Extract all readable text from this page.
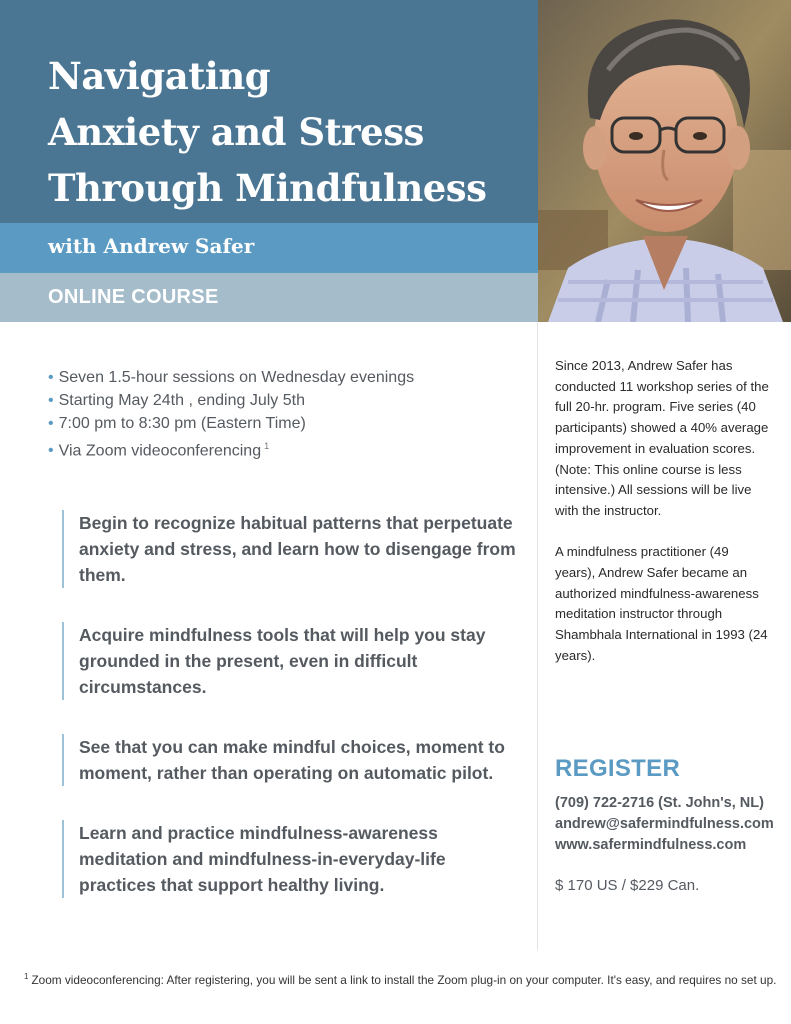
Navigating
Anxiety and Stress
Through Mindfulness
with Andrew Safer
ONLINE COURSE
• Seven 1.5-hour sessions on Wednesday evenings
• Starting May 24th , ending July 5th
• 7:00 pm to 8:30 pm (Eastern Time)
• Via Zoom videoconferencing $^1$
Begin to recognize habitual patterns that perpetuate anxiety and stress, and learn how to disengage from them.
Acquire mindfulness tools that will help you stay grounded in the present, even in difficult circumstances.
See that you can make mindful choices, moment to moment, rather than operating on automatic pilot.
Learn and practice mindfulness-awareness meditation and mindfulness-in-everyday-life practices that support healthy living.

Since 2013, Andrew Safer has conducted 11 workshop series of the full 20-hr. program. Five series (40 participants) showed a 40% average improvement in evaluation scores. (Note: This online course is less intensive.) All sessions will be live with the instructor.

A mindfulness practitioner (49 years), Andrew Safer became an authorized mindfulness-awareness meditation instructor through Shambhala International in 1993 (24 years).

REGISTER
(709) 722-2716 (St. John's, NL)
andrew@safermindfulness.com
www.safermindfulness.com
$ 170 US / $229 Can.
$^1$ Zoom videoconferencing: After registering, you will be sent a link to install the Zoom plug-in on your computer. It's easy, and requires no set up.
